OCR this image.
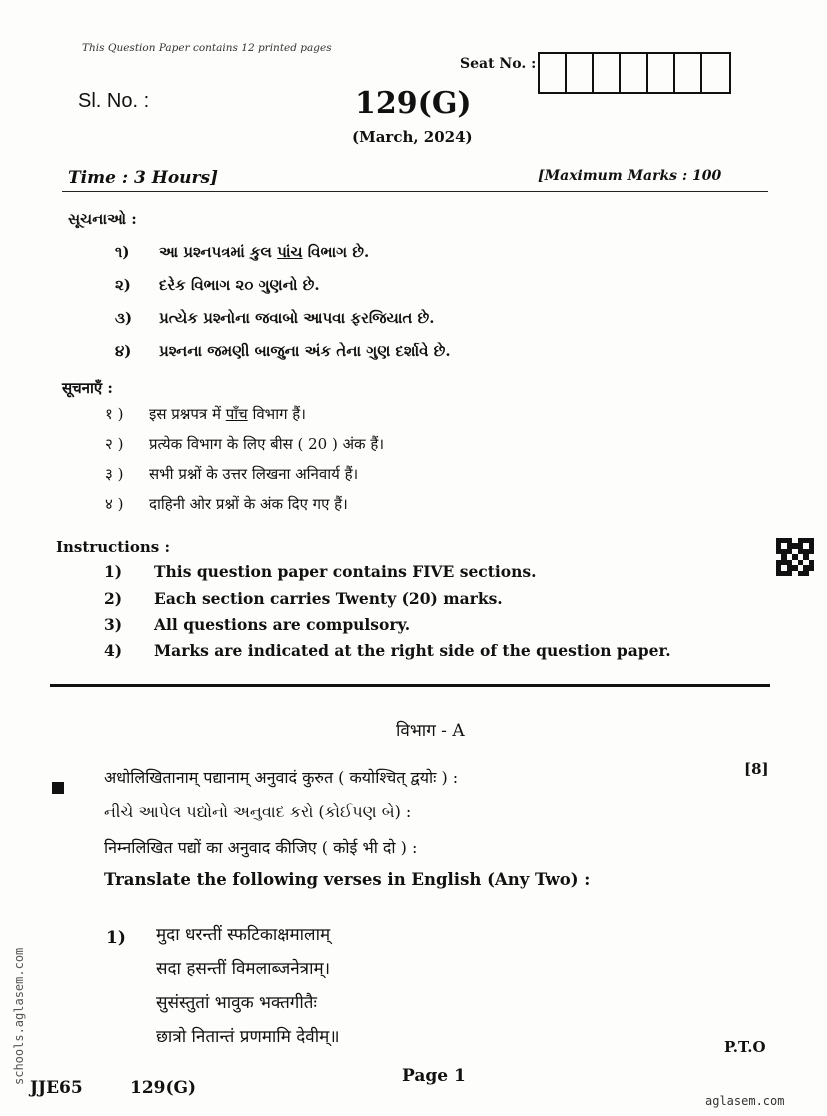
This Question Paper contains 12 printed pages
Seat No. :
Sl. No. :	129(G)
(March, 2024)
Time : 3 Hours]	[Maximum Marks : 100
સૂચનાઓ :
૧) આ પ્રશ્નપત્રમાં કુલ પાંચ વિભાગ છે.
૨) દરેક વિભાગ ૨૦ ગુણનો છે.
૩) પ્રત્યેક પ્રશ્નોના જવાબો આપવા ફરજિયાત છે.
૪) પ્રશ્નના જમણી બાજુના અંક તેના ગુણ દર્શાવે છે.
सूचनाएँ :
१ ) इस प्रश्नपत्र में पाँच विभाग हैं।
२ ) प्रत्येक विभाग के लिए बीस ( 20 ) अंक हैं।
३ ) सभी प्रश्नों के उत्तर लिखना अनिवार्य हैं।
४ ) दाहिनी ओर प्रश्नों के अंक दिए गए हैं।
Instructions :
1) This question paper contains FIVE sections.
2) Each section carries Twenty (20) marks.
3) All questions are compulsory.
4) Marks are indicated at the right side of the question paper.
विभाग - A
[8]
अधोलिखितानाम् पद्यानाम् अनुवादं कुरुत ( कयोश्चित् द्वयोः ) :
નીચે આપેલ પદ્યોનો અનુવાદ કરો (કોઈપણ બે) :
निम्नलिखित पद्यों का अनुवाद कीजिए ( कोई भी दो ) :
Translate the following verses in English (Any Two) :
1) मुदा धरन्तीं स्फटिकाक्षमालाम्
सदा हसन्तीं विमलाब्जनेत्राम्।
सुसंस्तुतां भावुक भक्तगीतैः
छात्रो नितान्तं प्रणमामि देवीम्॥	P.T.O
JJE65	129(G)
Page 1
schools.aglasem.com
aglasem.com
